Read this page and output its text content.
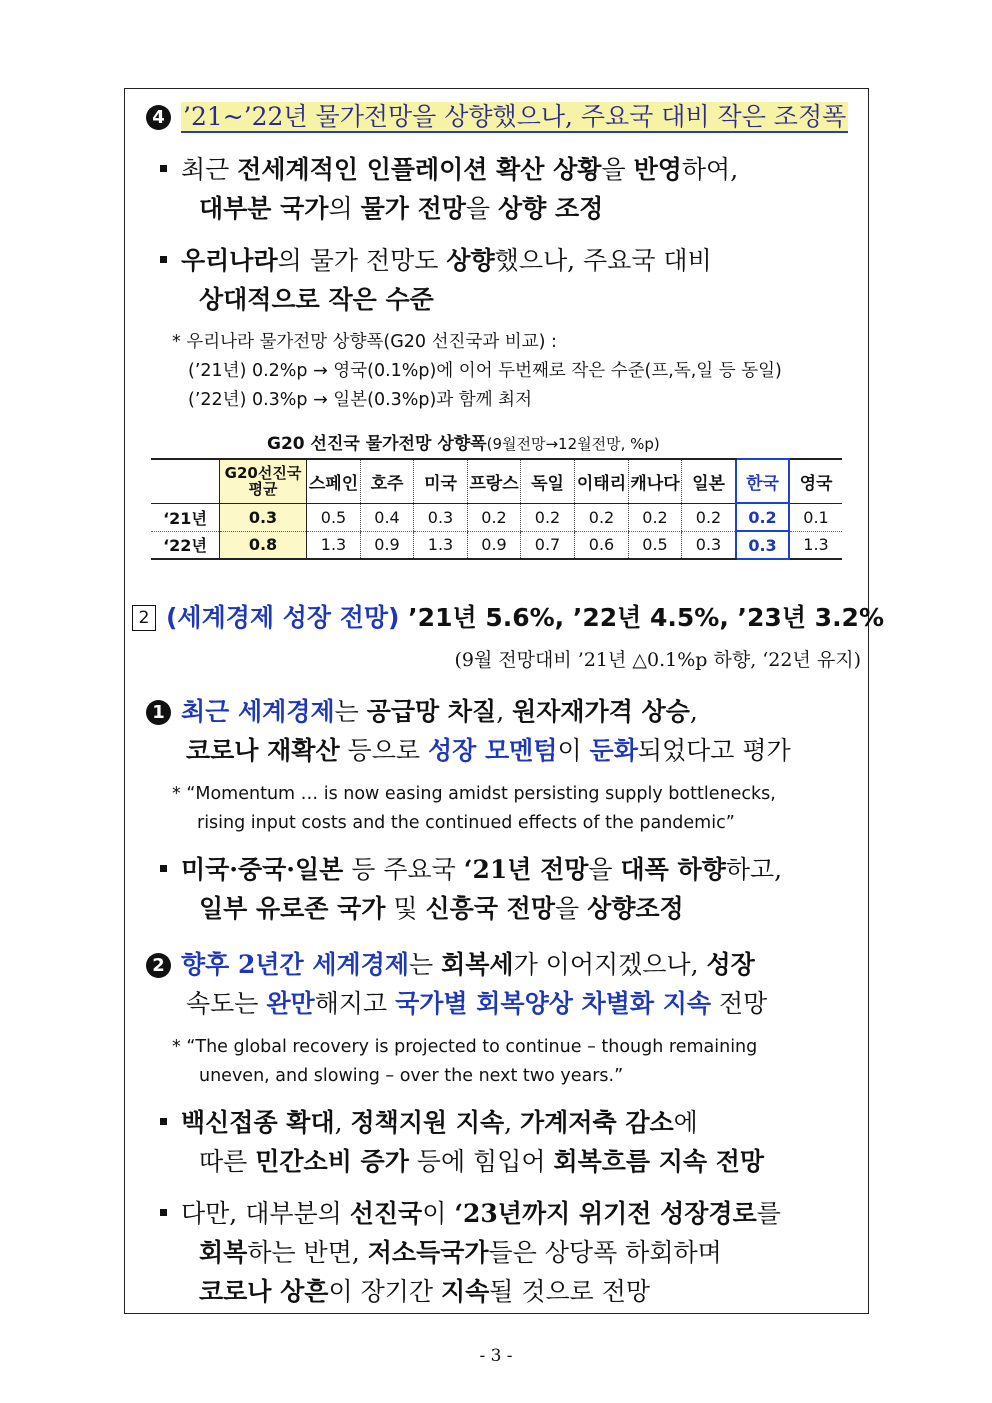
4 ’21~’22년 물가전망을 상향했으나, 주요국 대비 작은 조정폭
최근 전세계적인 인플레이션 확산 상황을 반영하여,
대부분 국가의 물가 전망을 상향 조정
우리나라의 물가 전망도 상향했으나, 주요국 대비
상대적으로 작은 수준
* 우리나라 물가전망 상향폭(G20 선진국과 비교) :
(’21년) 0.2%p → 영국(0.1%p)에 이어 두번째로 작은 수준(프,독,일 등 동일)
(’22년) 0.3%p → 일본(0.3%p)과 함께 최저
G20 선진국 물가전망 상향폭(9월전망→12월전망, %p)
	G20선진국
평균	스페인	호주	미국	프랑스	독일	이태리	캐나다	일본	한국	영국
‘21년	0.3	0.5	0.4	0.3	0.2	0.2	0.2	0.2	0.2	0.2	0.1
‘22년	0.8	1.3	0.9	1.3	0.9	0.7	0.6	0.5	0.3	0.3	1.3
2 (세계경제 성장 전망) ’21년 5.6%, ’22년 4.5%, ’23년 3.2%
(9월 전망대비 ’21년 △0.1%p 하향, ‘22년 유지)
1 최근 세계경제는 공급망 차질, 원자재가격 상승,
코로나 재확산 등으로 성장 모멘텀이 둔화되었다고 평가
* “Momentum … is now easing amidst persisting supply bottlenecks,
rising input costs and the continued effects of the pandemic”
미국·중국·일본 등 주요국 ‘21년 전망을 대폭 하향하고,
일부 유로존 국가 및 신흥국 전망을 상향조정
2 향후 2년간 세계경제는 회복세가 이어지겠으나, 성장
속도는 완만해지고 국가별 회복양상 차별화 지속 전망
* “The global recovery is projected to continue – though remaining
uneven, and slowing – over the next two years.”
백신접종 확대, 정책지원 지속, 가계저축 감소에
따른 민간소비 증가 등에 힘입어 회복흐름 지속 전망
다만, 대부분의 선진국이 ‘23년까지 위기전 성장경로를
회복하는 반면, 저소득국가들은 상당폭 하회하며
코로나 상흔이 장기간 지속될 것으로 전망
- 3 -
